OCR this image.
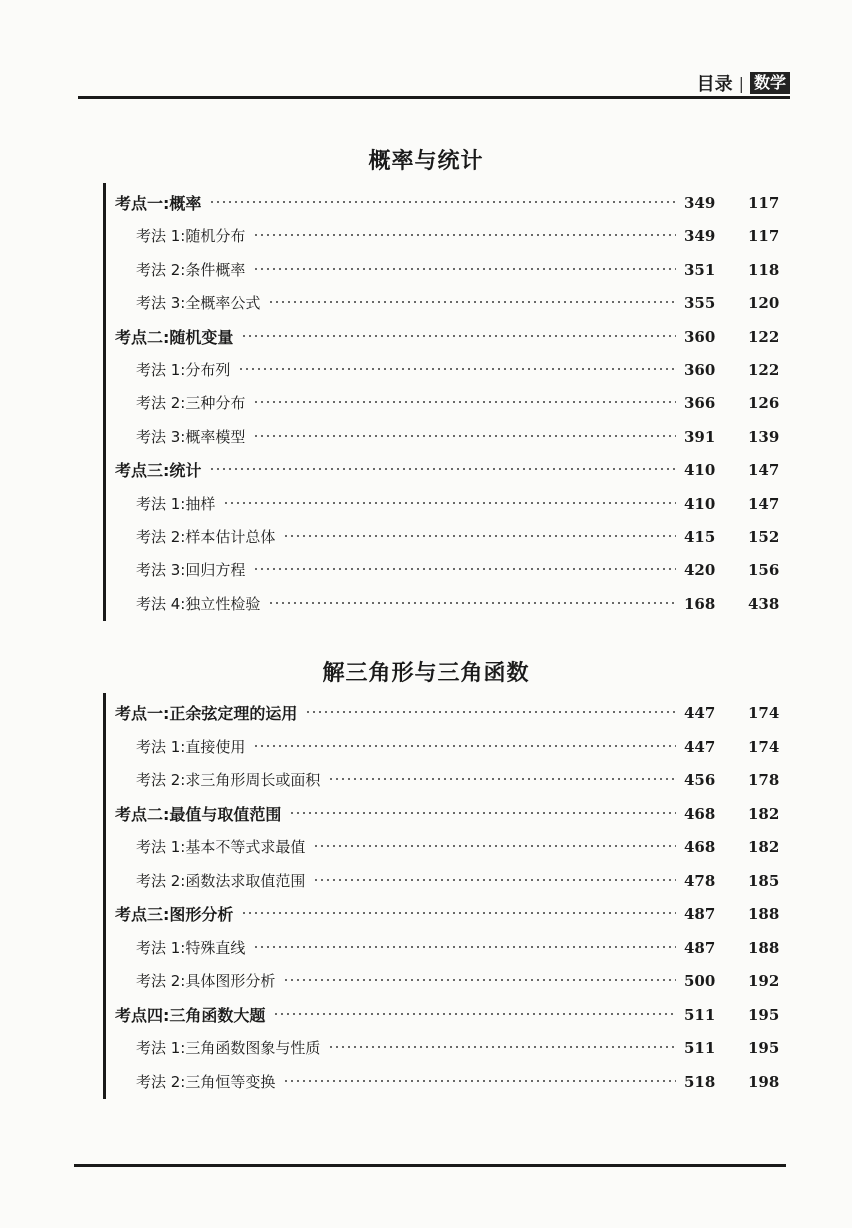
目录 | 数学
概率与统计
考点一:概率	349 117
考法 1:随机分布	349 117
考法 2:条件概率	351 118
考法 3:全概率公式	355 120
考点二:随机变量	360 122
考法 1:分布列	360 122
考法 2:三种分布	366 126
考法 3:概率模型	391 139
考点三:统计	410 147
考法 1:抽样	410 147
考法 2:样本估计总体	415 152
考法 3:回归方程	420 156
考法 4:独立性检验	168 438
解三角形与三角函数
考点一:正余弦定理的运用	447 174
考法 1:直接使用	447 174
考法 2:求三角形周长或面积	456 178
考点二:最值与取值范围	468 182
考法 1:基本不等式求最值	468 182
考法 2:函数法求取值范围	478 185
考点三:图形分析	487 188
考法 1:特殊直线	487 188
考法 2:具体图形分析	500 192
考点四:三角函数大题	511 195
考法 1:三角函数图象与性质	511 195
考法 2:三角恒等变换	518 198
